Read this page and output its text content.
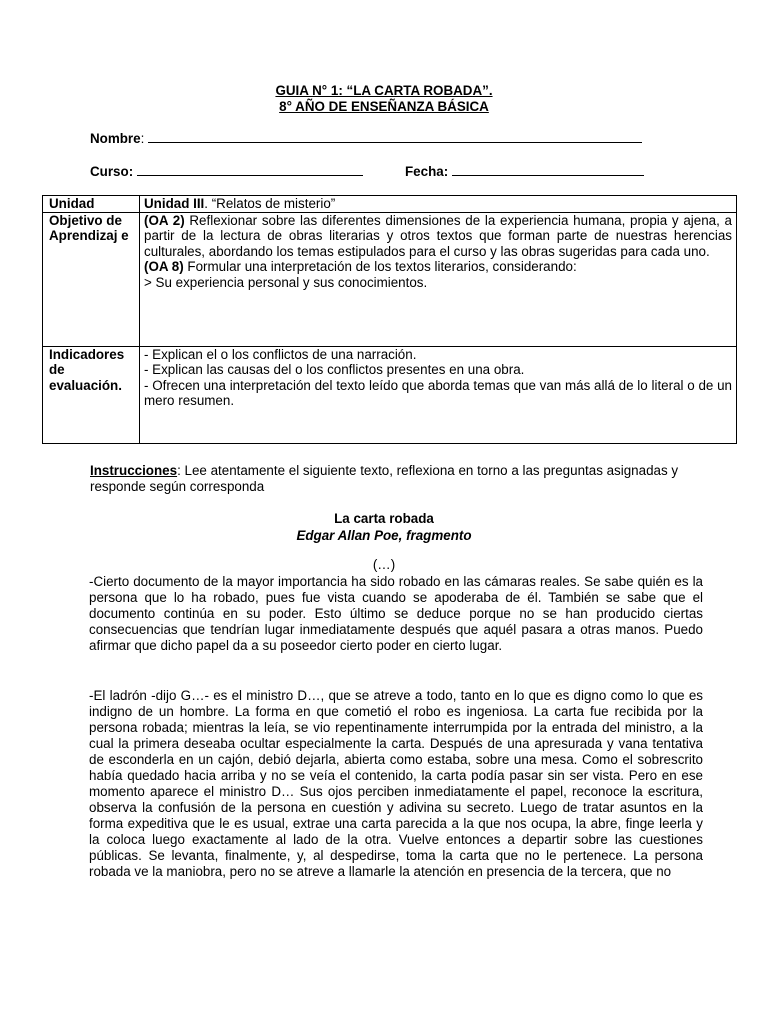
GUIA N° 1: “LA CARTA ROBADA”.
8° AÑO DE ENSEÑANZA BÁSICA
Nombre:
Curso:	Fecha:
Unidad	Unidad III. “Relatos de misterio”
Objetivo de Aprendizaj e	(OA 2) Reflexionar sobre las diferentes dimensiones de la experiencia humana, propia y ajena, a partir de la lectura de obras literarias y otros textos que forman parte de nuestras herencias culturales, abordando los temas estipulados para el curso y las obras sugeridas para cada uno.
(OA 8) Formular una interpretación de los textos literarios, considerando:
> Su experiencia personal y sus conocimientos.
Indicadores de evaluación.	- Explican el o los conflictos de una narración.
- Explican las causas del o los conflictos presentes en una obra.
- Ofrecen una interpretación del texto leído que aborda temas que van más allá de lo literal o de un mero resumen.
Instrucciones: Lee atentamente el siguiente texto, reflexiona en torno a las preguntas asignadas y responde según corresponda
La carta robada
Edgar Allan Poe, fragmento
(…)
-Cierto documento de la mayor importancia ha sido robado en las cámaras reales. Se sabe quién es la persona que lo ha robado, pues fue vista cuando se apoderaba de él. También se sabe que el documento continúa en su poder. Esto último se deduce porque no se han producido ciertas consecuencias que tendrían lugar inmediatamente después que aquél pasara a otras manos. Puedo afirmar que dicho papel da a su poseedor cierto poder en cierto lugar.
-El ladrón -dijo G…- es el ministro D…, que se atreve a todo, tanto en lo que es digno como lo que es indigno de un hombre. La forma en que cometió el robo es ingeniosa. La carta fue recibida por la persona robada; mientras la leía, se vio repentinamente interrumpida por la entrada del ministro, a la cual la primera deseaba ocultar especialmente la carta. Después de una apresurada y vana tentativa de esconderla en un cajón, debió dejarla, abierta como estaba, sobre una mesa. Como el sobrescrito había quedado hacia arriba y no se veía el contenido, la carta podía pasar sin ser vista. Pero en ese momento aparece el ministro D… Sus ojos perciben inmediatamente el papel, reconoce la escritura, observa la confusión de la persona en cuestión y adivina su secreto. Luego de tratar asuntos en la forma expeditiva que le es usual, extrae una carta parecida a la que nos ocupa, la abre, finge leerla y la coloca luego exactamente al lado de la otra. Vuelve entonces a departir sobre las cuestiones públicas. Se levanta, finalmente, y, al despedirse, toma la carta que no le pertenece. La persona robada ve la maniobra, pero no se atreve a llamarle la atención en presencia de la tercera, que no
